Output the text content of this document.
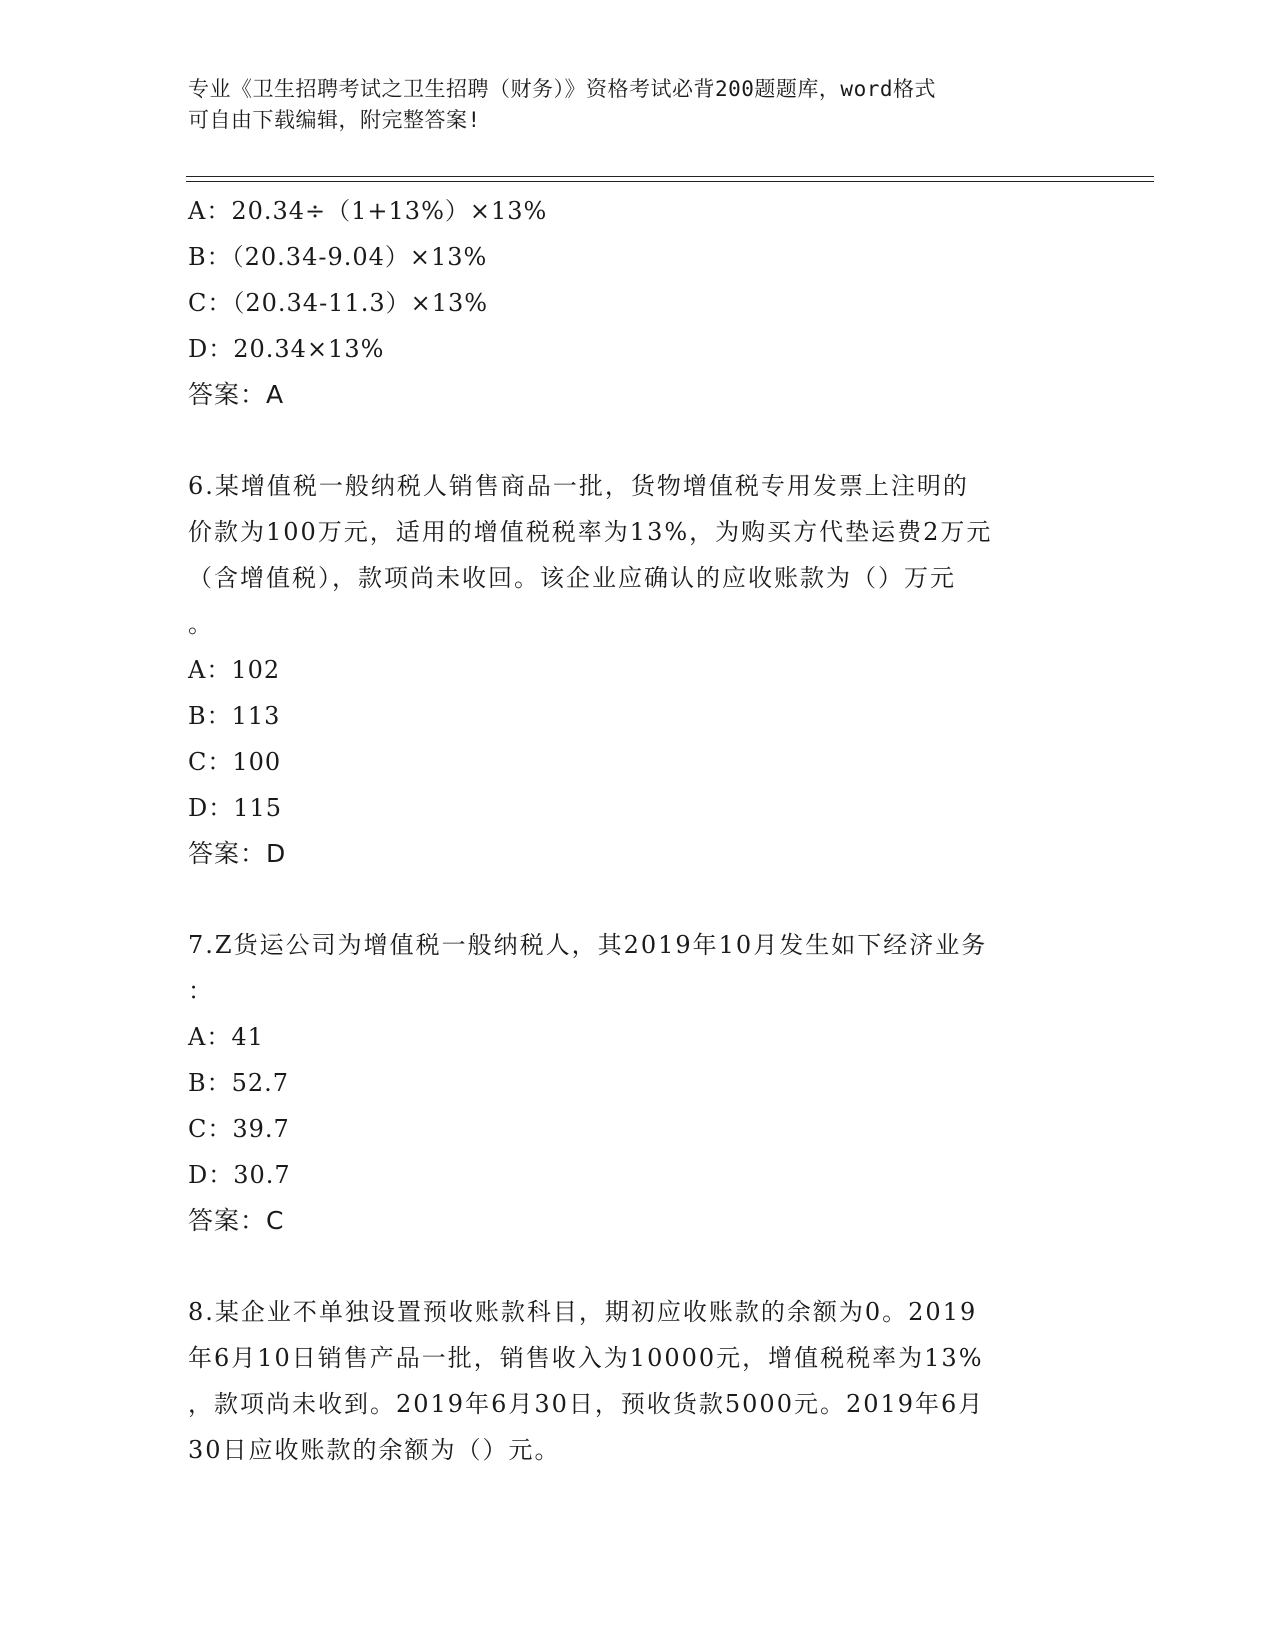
专业《卫生招聘考试之卫生招聘（财务）》资格考试必背200题题库，word格式
可自由下载编辑，附完整答案!
A：20.34÷（1+13%）×13%
B：（20.34-9.04）×13%
C：（20.34-11.3）×13%
D：20.34×13%
答案：A
6.某增值税一般纳税人销售商品一批，货物增值税专用发票上注明的
价款为100万元，适用的增值税税率为13%，为购买方代垫运费2万元
（含增值税），款项尚未收回。该企业应确认的应收账款为（）万元
。
A：102
B：113
C：100
D：115
答案：D
7.Z货运公司为增值税一般纳税人，其2019年10月发生如下经济业务
：
A：41
B：52.7
C：39.7
D：30.7
答案：C
8.某企业不单独设置预收账款科目，期初应收账款的余额为0。2019
年6月10日销售产品一批，销售收入为10000元，增值税税率为13%
，款项尚未收到。2019年6月30日，预收货款5000元。2019年6月
30日应收账款的余额为（）元。
